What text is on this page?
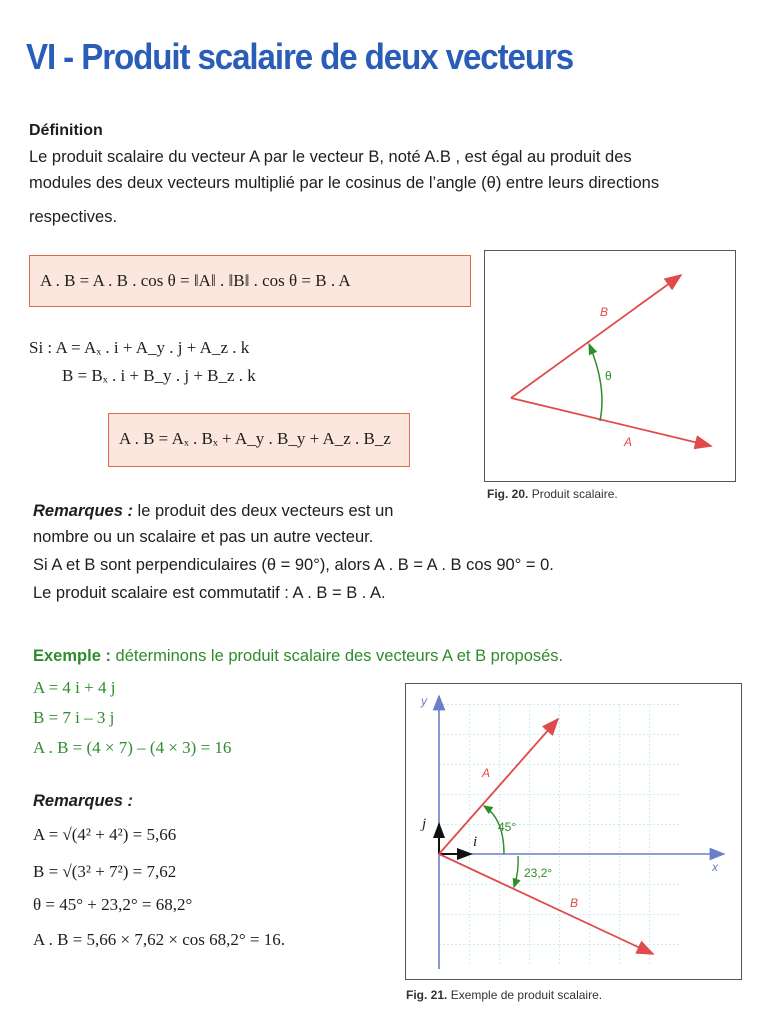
VI - Produit scalaire de deux vecteurs
Définition
Le produit scalaire du vecteur A par le vecteur B, noté A.B , est égal au produit des
modules des deux vecteurs multiplié par le cosinus de l’angle (θ) entre leurs directions
respectives.
A . B = A . B . cos θ = ‖A‖ . ‖B‖ . cos θ = B . A
Si : A = Aₓ . i + A_y . j + A_z . k
B = Bₓ . i + B_y . j + B_z . k
A . B = Aₓ . Bₓ + A_y . B_y + A_z . B_z
B
A
θ
Fig. 20. Produit scalaire.
Remarques : le produit des deux vecteurs est un
nombre ou un scalaire et pas un autre vecteur.
Si A et B sont perpendiculaires (θ = 90°), alors A . B = A . B cos 90° = 0.
Le produit scalaire est commutatif : A . B = B . A.
Exemple : déterminons le produit scalaire des vecteurs A et B proposés.
A = 4 i + 4 j
B = 7 i – 3 j
A . B = (4 × 7) – (4 × 3) = 16
Remarques :
A = √(4² + 4²) = 5,66
B = √(3² + 7²) = 7,62
θ = 45° + 23,2° = 68,2°
A . B = 5,66 × 7,62 × cos 68,2° = 16.
y
x
j
i
A
B
45°
23,2°
Fig. 21. Exemple de produit scalaire.
